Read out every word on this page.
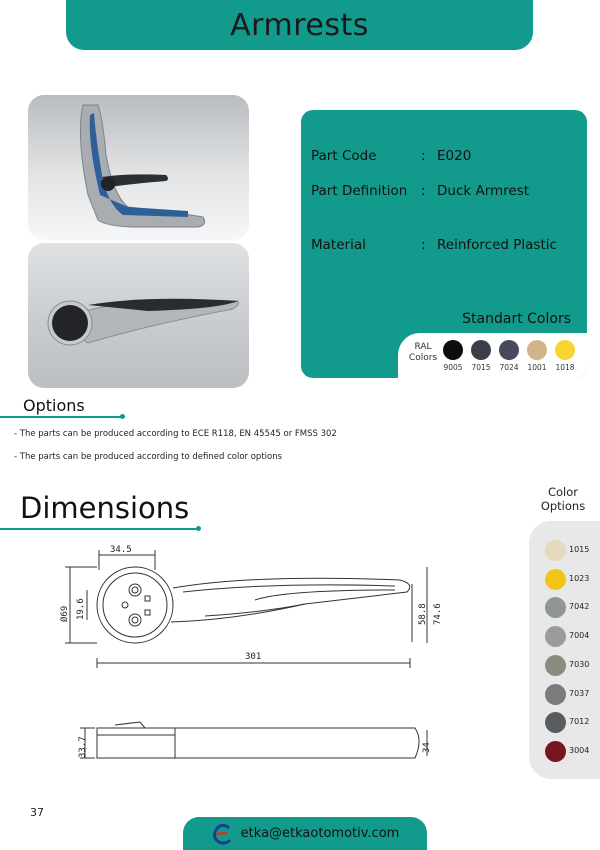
Armrests
Part Code	: E020
Part Definition	: Duck Armrest
Material	: Reinforced Plastic
Standart Colors
RAL Colors
9005	7015	7024	1001	1018
Options
- The parts can be produced according to ECE R118, EN 45545 or FMSS 302
- The parts can be produced according to defined color options
Dimensions
34.5
Ø69 19.6
301
58.8 74.6
33.7	34
Color Options
1015
1023
7042
7004
7030
7037
7012
3004
37
etka@etkaotomotiv.com
